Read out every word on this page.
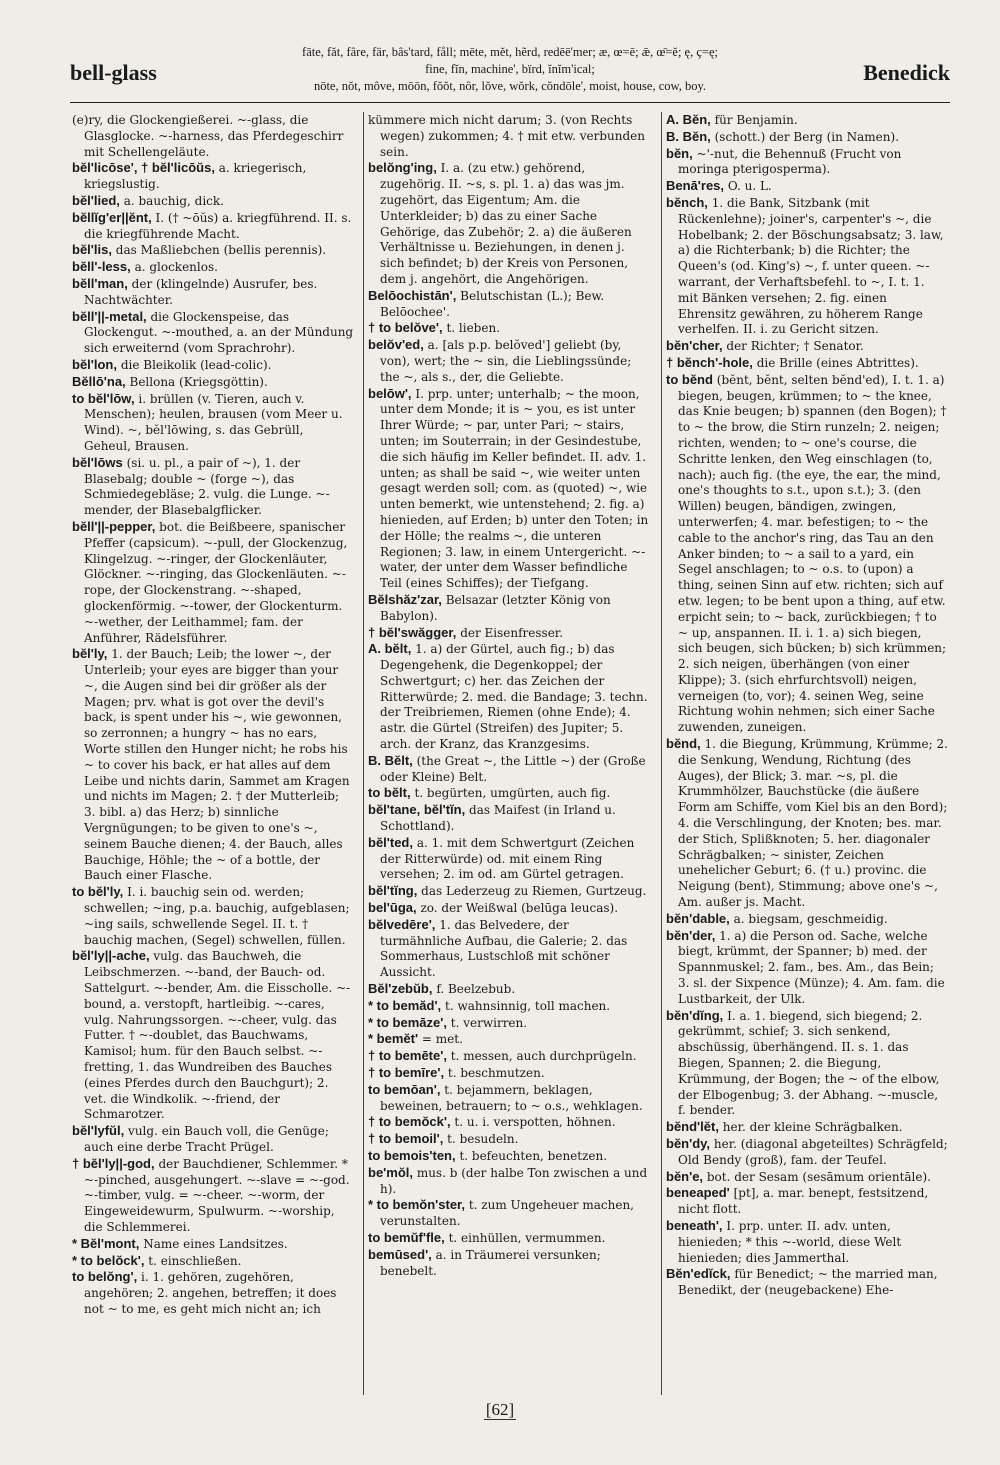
bell-glass
fāte, făt, fâre, fär, bâs'tard, fåll; mēte, mĕt, hẽrd, redēē'mer; æ, œ=ē; ǣ, œ̄=ĕ; ę, ç=ę;
fine, fĭn, machine', bïrd, ĭnĭm'ical;
nōte, nŏt, môve, mōōn, fŏŏt, nôr, lŏve, wŏrk, cŏndōle', moist, house, cow, boy.
Benedick

(e)ry, die Glockengießerei. ~-glass, die Glasglocke. ~-harness, das Pferdegeschirr mit Schellengeläute.

bĕl'licōse', † bĕl'licōŭs, a. kriegerisch, kriegslustig.

bĕl'lied, a. bauchig, dick.

bĕllĭg'er||ĕnt, I. († ~ōŭs) a. kriegführend. II. s. die kriegführende Macht.

bĕl'lis, das Maßliebchen (bellis perennis).

bĕll'-less, a. glockenlos.

bĕll'man, der (klingelnde) Ausrufer, bes. Nachtwächter.

bĕll'||-metal, die Glockenspeise, das Glockengut. ~-mouthed, a. an der Mündung sich erweiternd (vom Sprachrohr).

bĕl'lon, die Bleikolik (lead-colic).

Bĕllō'na, Bellona (Kriegsgöttin).

to bĕl'lōw, i. brüllen (v. Tieren, auch v. Menschen); heulen, brausen (vom Meer u. Wind). ~, bĕl'lōwing, s. das Gebrüll, Geheul, Brausen.

bĕl'lōws (si. u. pl., a pair of ~), 1. der Blasebalg; double ~ (forge ~), das Schmiedegebläse; 2. vulg. die Lunge. ~-mender, der Blasebalgflicker.

bĕll'||-pepper, bot. die Beißbeere, spanischer Pfeffer (capsicum). ~-pull, der Glockenzug, Klingelzug. ~-ringer, der Glockenläuter, Glöckner. ~-ringing, das Glockenläuten. ~-rope, der Glockenstrang. ~-shaped, glockenförmig. ~-tower, der Glockenturm. ~-wether, der Leithammel; fam. der Anführer, Rädelsführer.

bĕl'ly, 1. der Bauch; Leib; the lower ~, der Unterleib; your eyes are bigger than your ~, die Augen sind bei dir größer als der Magen; prv. what is got over the devil's back, is spent under his ~, wie gewonnen, so zerronnen; a hungry ~ has no ears, Worte stillen den Hunger nicht; he robs his ~ to cover his back, er hat alles auf dem Leibe und nichts darin, Sammet am Kragen und nichts im Magen; 2. † der Mutterleib; 3. bibl. a) das Herz; b) sinnliche Vergnügungen; to be given to one's ~, seinem Bauche dienen; 4. der Bauch, alles Bauchige, Höhle; the ~ of a bottle, der Bauch einer Flasche.

to bĕl'ly, I. i. bauchig sein od. werden; schwellen; ~ing, p.a. bauchig, aufgeblasen; ~ing sails, schwellende Segel. II. t. † bauchig machen, (Segel) schwellen, füllen.

bĕl'ly||-ache, vulg. das Bauchweh, die Leibschmerzen. ~-band, der Bauch- od. Sattelgurt. ~-bender, Am. die Eisscholle. ~-bound, a. verstopft, hartleibig. ~-cares, vulg. Nahrungssorgen. ~-cheer, vulg. das Futter. † ~-doublet, das Bauchwams, Kamisol; hum. für den Bauch selbst. ~-fretting, 1. das Wundreiben des Bauches (eines Pferdes durch den Bauchgurt); 2. vet. die Windkolik. ~-friend, der Schmarotzer.

bĕl'lyfŭl, vulg. ein Bauch voll, die Genüge; auch eine derbe Tracht Prügel.

† bĕl'ly||-god, der Bauchdiener, Schlemmer. * ~-pinched, ausgehungert. ~-slave = ~-god. ~-timber, vulg. = ~-cheer. ~-worm, der Eingeweidewurm, Spulwurm. ~-worship, die Schlemmerei.

* Bĕl'mont, Name eines Landsitzes.

* to belŏck', t. einschließen.

to belŏng', i. 1. gehören, zugehören, angehören; 2. angehen, betreffen; it does not ~ to me, es geht mich nicht an; ich

kümmere mich nicht darum; 3. (von Rechts wegen) zukommen; 4. † mit etw. verbunden sein.

belŏng'ing, I. a. (zu etw.) gehörend, zugehörig. II. ~s, s. pl. 1. a) das was jm. zugehört, das Eigentum; Am. die Unterkleider; b) das zu einer Sache Gehörige, das Zubehör; 2. a) die äußeren Verhältnisse u. Beziehungen, in denen j. sich befindet; b) der Kreis von Personen, dem j. angehört, die Angehörigen.

Belōochistān', Belutschistan (L.); Bew. Belōochee'.

† to belŏve', t. lieben.

belŏv'ed, a. [als p.p. belŏved'] geliebt (by, von), wert; the ~ sin, die Lieblingssünde; the ~, als s., der, die Geliebte.

belōw', I. prp. unter; unterhalb; ~ the moon, unter dem Monde; it is ~ you, es ist unter Ihrer Würde; ~ par, unter Pari; ~ stairs, unten; im Souterrain; in der Gesindestube, die sich häufig im Keller befindet. II. adv. 1. unten; as shall be said ~, wie weiter unten gesagt werden soll; com. as (quoted) ~, wie unten bemerkt, wie untenstehend; 2. fig. a) hienieden, auf Erden; b) unter den Toten; in der Hölle; the realms ~, die unteren Regionen; 3. law, in einem Untergericht. ~-water, der unter dem Wasser befindliche Teil (eines Schiffes); der Tiefgang.

Bĕlshăz'zar, Belsazar (letzter König von Babylon).

† bĕl'swăgger, der Eisenfresser.

A. bĕlt, 1. a) der Gürtel, auch fig.; b) das Degengehenk, die Degenkoppel; der Schwertgurt; c) her. das Zeichen der Ritterwürde; 2. med. die Bandage; 3. techn. der Treibriemen, Riemen (ohne Ende); 4. astr. die Gürtel (Streifen) des Jupiter; 5. arch. der Kranz, das Kranzgesims.

B. Bĕlt, (the Great ~, the Little ~) der (Große oder Kleine) Belt.

to bĕlt, t. begürten, umgürten, auch fig.

bĕl'tane, bĕl'tĭn, das Maifest (in Irland u. Schottland).

bĕl'ted, a. 1. mit dem Schwertgurt (Zeichen der Ritterwürde) od. mit einem Ring versehen; 2. im od. am Gürtel getragen.

bĕl'tĭng, das Lederzeug zu Riemen, Gurtzeug.

bel'ūga, zo. der Weißwal (belūga leucas).

bĕlvedēre', 1. das Belvedere, der turmähnliche Aufbau, die Galerie; 2. das Sommerhaus, Lustschloß mit schöner Aussicht.

Bĕl'zebŭb, f. Beelzebub.

* to bemăd', t. wahnsinnig, toll machen.

* to bemāze', t. verwirren.

* bemĕt' = met.

† to bemēte', t. messen, auch durchprügeln.

† to bemīre', t. beschmutzen.

to bemōan', t. bejammern, beklagen, beweinen, betrauern; to ~ o.s., wehklagen.

† to bemŏck', t. u. i. verspotten, höhnen.

† to bemoil', t. besudeln.

to bemois'ten, t. befeuchten, benetzen.

be'mŏl, mus. b (der halbe Ton zwischen a und h).

* to bemŏn'ster, t. zum Ungeheuer machen, verunstalten.

to bemŭf'fle, t. einhüllen, vermummen.

bemūsed', a. in Träumerei versunken; benebelt.

A. Bĕn, für Benjamin.

B. Bĕn, (schott.) der Berg (in Namen).

bĕn, ~'-nut, die Behennuß (Frucht von moringa pterigosperma).

Benā'res, O. u. L.

bĕnch, 1. die Bank, Sitzbank (mit Rückenlehne); joiner's, carpenter's ~, die Hobelbank; 2. der Böschungsabsatz; 3. law, a) die Richterbank; b) die Richter; the Queen's (od. King's) ~, f. unter queen. ~-warrant, der Verhaftsbefehl. to ~, I. t. 1. mit Bänken versehen; 2. fig. einen Ehrensitz gewähren, zu höherem Range verhelfen. II. i. zu Gericht sitzen.

bĕn'cher, der Richter; † Senator.

† bĕnch'-hole, die Brille (eines Abtrittes).

to bĕnd (bĕnt, bĕnt, selten bĕnd'ed), I. t. 1. a) biegen, beugen, krümmen; to ~ the knee, das Knie beugen; b) spannen (den Bogen); † to ~ the brow, die Stirn runzeln; 2. neigen; richten, wenden; to ~ one's course, die Schritte lenken, den Weg einschlagen (to, nach); auch fig. (the eye, the ear, the mind, one's thoughts to s.t., upon s.t.); 3. (den Willen) beugen, bändigen, zwingen, unterwerfen; 4. mar. befestigen; to ~ the cable to the anchor's ring, das Tau an den Anker binden; to ~ a sail to a yard, ein Segel anschlagen; to ~ o.s. to (upon) a thing, seinen Sinn auf etw. richten; sich auf etw. legen; to be bent upon a thing, auf etw. erpicht sein; to ~ back, zurückbiegen; † to ~ up, anspannen. II. i. 1. a) sich biegen, sich beugen, sich bücken; b) sich krümmen; 2. sich neigen, überhängen (von einer Klippe); 3. (sich ehrfurchtsvoll) neigen, verneigen (to, vor); 4. seinen Weg, seine Richtung wohin nehmen; sich einer Sache zuwenden, zuneigen.

bĕnd, 1. die Biegung, Krümmung, Krümme; 2. die Senkung, Wendung, Richtung (des Auges), der Blick; 3. mar. ~s, pl. die Krummhölzer, Bauchstücke (die äußere Form am Schiffe, vom Kiel bis an den Bord); 4. die Verschlingung, der Knoten; bes. mar. der Stich, Splißknoten; 5. her. diagonaler Schrägbalken; ~ sinister, Zeichen unehelicher Geburt; 6. († u.) provinc. die Neigung (bent), Stimmung; above one's ~, Am. außer js. Macht.

bĕn'dable, a. biegsam, geschmeidig.

bĕn'der, 1. a) die Person od. Sache, welche biegt, krümmt, der Spanner; b) med. der Spannmuskel; 2. fam., bes. Am., das Bein; 3. sl. der Sixpence (Münze); 4. Am. fam. die Lustbarkeit, der Ulk.

bĕn'dĭng, I. a. 1. biegend, sich biegend; 2. gekrümmt, schief; 3. sich senkend, abschüssig, überhängend. II. s. 1. das Biegen, Spannen; 2. die Biegung, Krümmung, der Bogen; the ~ of the elbow, der Elbogenbug; 3. der Abhang. ~-muscle, f. bender.

bĕnd'lĕt, her. der kleine Schrägbalken.

bĕn'dy, her. (diagonal abgeteiltes) Schrägfeld; Old Bendy (groß), fam. der Teufel.

bĕn'e, bot. der Sesam (sesāmum orientāle).

beneaped' [pt], a. mar. benept, festsitzend, nicht flott.

beneath', I. prp. unter. II. adv. unten, hienieden; * this ~-world, diese Welt hienieden; dies Jammerthal.

Bĕn'edĭck, für Benedict; ~ the married man, Benedikt, der (neugebackene) Ehe-

[62]
